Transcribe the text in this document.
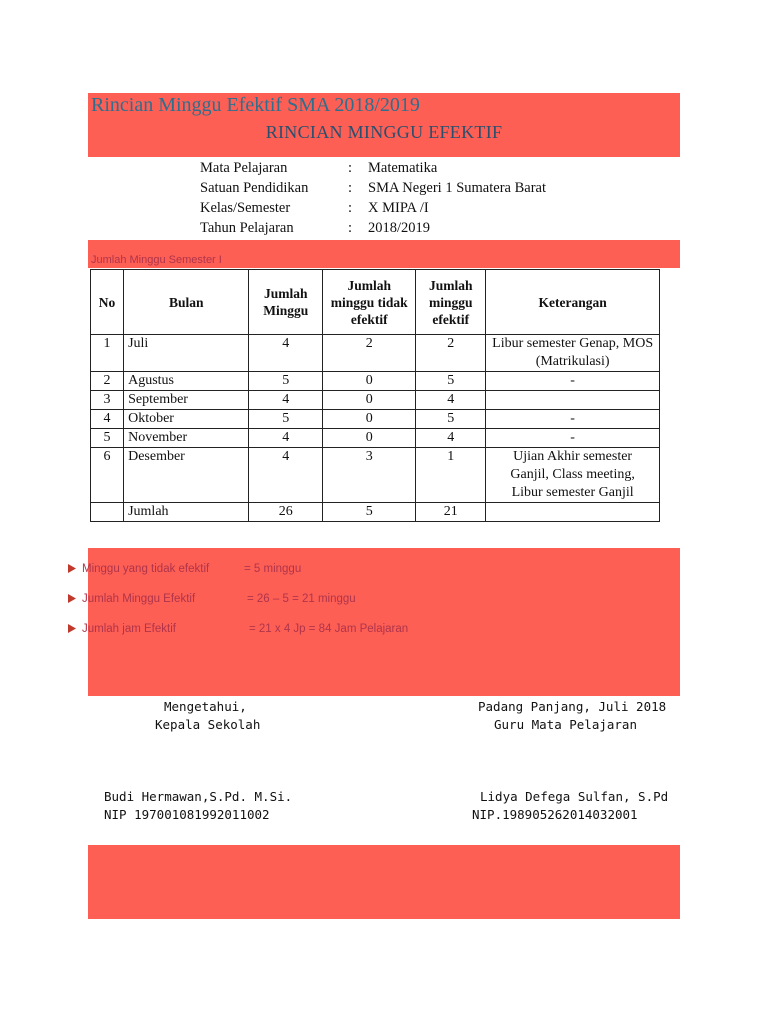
Rincian Minggu Efektif SMA 2018/2019
RINCIAN MINGGU EFEKTIF
Mata Pelajaran	:	Matematika
Satuan Pendidikan	:	SMA Negeri 1 Sumatera Barat
Kelas/Semester	:	X MIPA /I
Tahun Pelajaran	:	2018/2019
Jumlah Minggu Semester I
No	Bulan	Jumlah Minggu	Jumlah minggu tidak efektif	Jumlah minggu efektif	Keterangan
1	Juli	4	2	2	Libur semester Genap, MOS (Matrikulasi)
2	Agustus	5	0	5	-
3	September	4	0	4	
4	Oktober	5	0	5	-
5	November	4	0	4	-
6	Desember	4	3	1	Ujian Akhir semester Ganjil, Class meeting, Libur semester Ganjil
	Jumlah	26	5	21	
Minggu yang tidak efektif	= 5 minggu
Jumlah Minggu Efektif	= 26 – 5 = 21 minggu
Jumlah jam Efektif	= 21 x 4 Jp = 84 Jam Pelajaran
Mengetahui,
Kepala Sekolah
Budi Hermawan,S.Pd. M.Si.
NIP 197001081992011002
Padang Panjang, Juli 2018
Guru Mata Pelajaran
Lidya Defega Sulfan, S.Pd
NIP.198905262014032001
